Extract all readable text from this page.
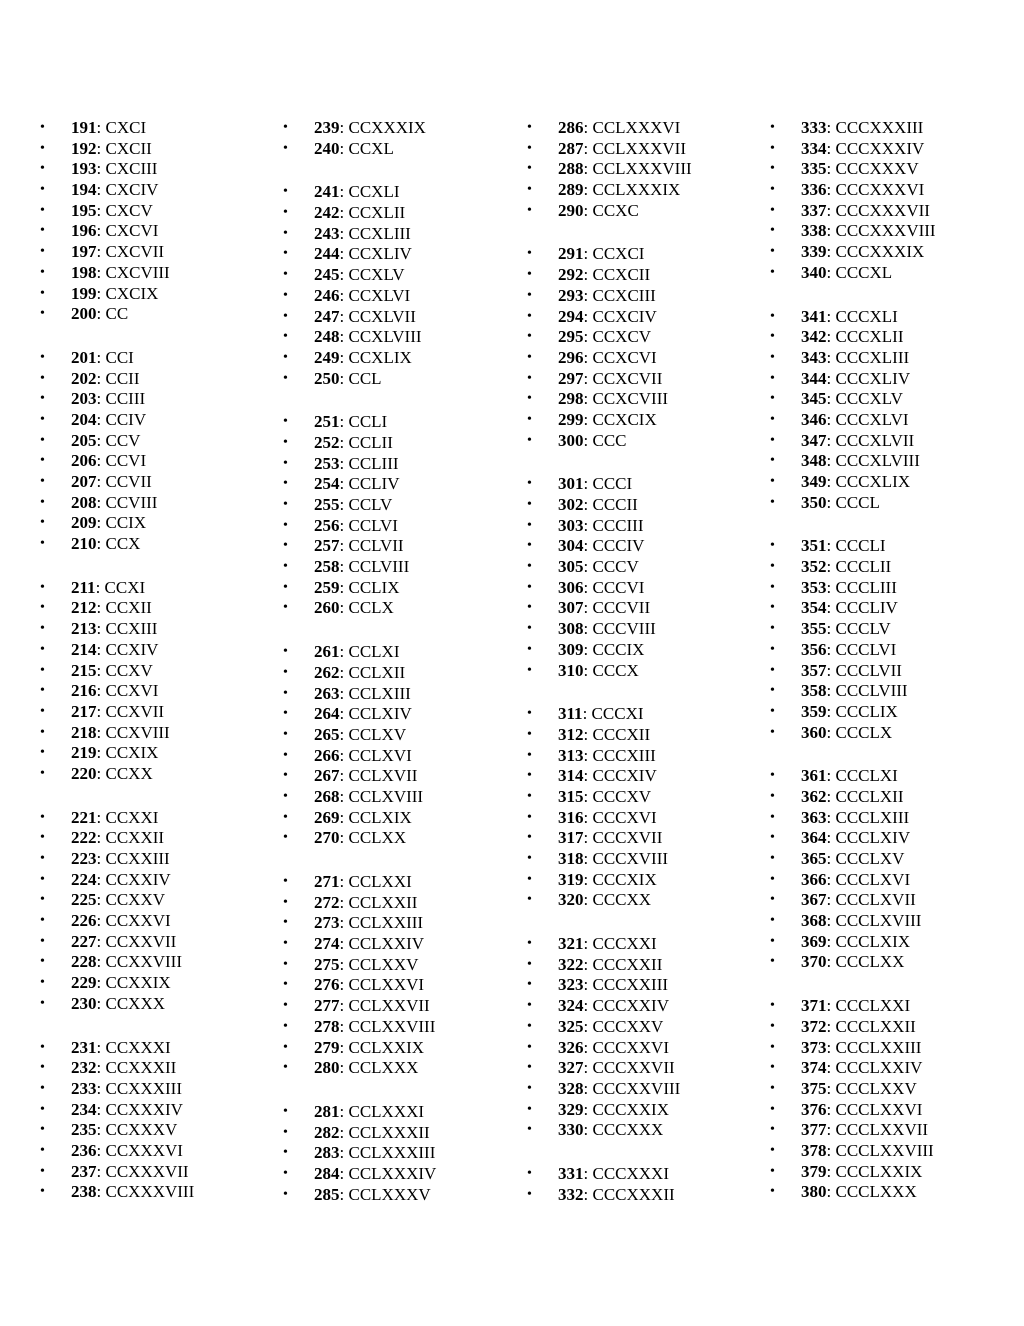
• 191: CXCI
• 192: CXCII
• 193: CXCIII
• 194: CXCIV
• 195: CXCV
• 196: CXCVI
• 197: CXCVII
• 198: CXCVIII
• 199: CXCIX
• 200: CC
• 201: CCI
• 202: CCII
• 203: CCIII
• 204: CCIV
• 205: CCV
• 206: CCVI
• 207: CCVII
• 208: CCVIII
• 209: CCIX
• 210: CCX
• 211: CCXI
• 212: CCXII
• 213: CCXIII
• 214: CCXIV
• 215: CCXV
• 216: CCXVI
• 217: CCXVII
• 218: CCXVIII
• 219: CCXIX
• 220: CCXX
• 221: CCXXI
• 222: CCXXII
• 223: CCXXIII
• 224: CCXXIV
• 225: CCXXV
• 226: CCXXVI
• 227: CCXXVII
• 228: CCXXVIII
• 229: CCXXIX
• 230: CCXXX
• 231: CCXXXI
• 232: CCXXXII
• 233: CCXXXIII
• 234: CCXXXIV
• 235: CCXXXV
• 236: CCXXXVI
• 237: CCXXXVII
• 238: CCXXXVIII
• 239: CCXXXIX
• 240: CCXL
• 241: CCXLI
• 242: CCXLII
• 243: CCXLIII
• 244: CCXLIV
• 245: CCXLV
• 246: CCXLVI
• 247: CCXLVII
• 248: CCXLVIII
• 249: CCXLIX
• 250: CCL
• 251: CCLI
• 252: CCLII
• 253: CCLIII
• 254: CCLIV
• 255: CCLV
• 256: CCLVI
• 257: CCLVII
• 258: CCLVIII
• 259: CCLIX
• 260: CCLX
• 261: CCLXI
• 262: CCLXII
• 263: CCLXIII
• 264: CCLXIV
• 265: CCLXV
• 266: CCLXVI
• 267: CCLXVII
• 268: CCLXVIII
• 269: CCLXIX
• 270: CCLXX
• 271: CCLXXI
• 272: CCLXXII
• 273: CCLXXIII
• 274: CCLXXIV
• 275: CCLXXV
• 276: CCLXXVI
• 277: CCLXXVII
• 278: CCLXXVIII
• 279: CCLXXIX
• 280: CCLXXX
• 281: CCLXXXI
• 282: CCLXXXII
• 283: CCLXXXIII
• 284: CCLXXXIV
• 285: CCLXXXV
• 286: CCLXXXVI
• 287: CCLXXXVII
• 288: CCLXXXVIII
• 289: CCLXXXIX
• 290: CCXC
• 291: CCXCI
• 292: CCXCII
• 293: CCXCIII
• 294: CCXCIV
• 295: CCXCV
• 296: CCXCVI
• 297: CCXCVII
• 298: CCXCVIII
• 299: CCXCIX
• 300: CCC
• 301: CCCI
• 302: CCCII
• 303: CCCIII
• 304: CCCIV
• 305: CCCV
• 306: CCCVI
• 307: CCCVII
• 308: CCCVIII
• 309: CCCIX
• 310: CCCX
• 311: CCCXI
• 312: CCCXII
• 313: CCCXIII
• 314: CCCXIV
• 315: CCCXV
• 316: CCCXVI
• 317: CCCXVII
• 318: CCCXVIII
• 319: CCCXIX
• 320: CCCXX
• 321: CCCXXI
• 322: CCCXXII
• 323: CCCXXIII
• 324: CCCXXIV
• 325: CCCXXV
• 326: CCCXXVI
• 327: CCCXXVII
• 328: CCCXXVIII
• 329: CCCXXIX
• 330: CCCXXX
• 331: CCCXXXI
• 332: CCCXXXII
• 333: CCCXXXIII
• 334: CCCXXXIV
• 335: CCCXXXV
• 336: CCCXXXVI
• 337: CCCXXXVII
• 338: CCCXXXVIII
• 339: CCCXXXIX
• 340: CCCXL
• 341: CCCXLI
• 342: CCCXLII
• 343: CCCXLIII
• 344: CCCXLIV
• 345: CCCXLV
• 346: CCCXLVI
• 347: CCCXLVII
• 348: CCCXLVIII
• 349: CCCXLIX
• 350: CCCL
• 351: CCCLI
• 352: CCCLII
• 353: CCCLIII
• 354: CCCLIV
• 355: CCCLV
• 356: CCCLVI
• 357: CCCLVII
• 358: CCCLVIII
• 359: CCCLIX
• 360: CCCLX
• 361: CCCLXI
• 362: CCCLXII
• 363: CCCLXIII
• 364: CCCLXIV
• 365: CCCLXV
• 366: CCCLXVI
• 367: CCCLXVII
• 368: CCCLXVIII
• 369: CCCLXIX
• 370: CCCLXX
• 371: CCCLXXI
• 372: CCCLXXII
• 373: CCCLXXIII
• 374: CCCLXXIV
• 375: CCCLXXV
• 376: CCCLXXVI
• 377: CCCLXXVII
• 378: CCCLXXVIII
• 379: CCCLXXIX
• 380: CCCLXXX
